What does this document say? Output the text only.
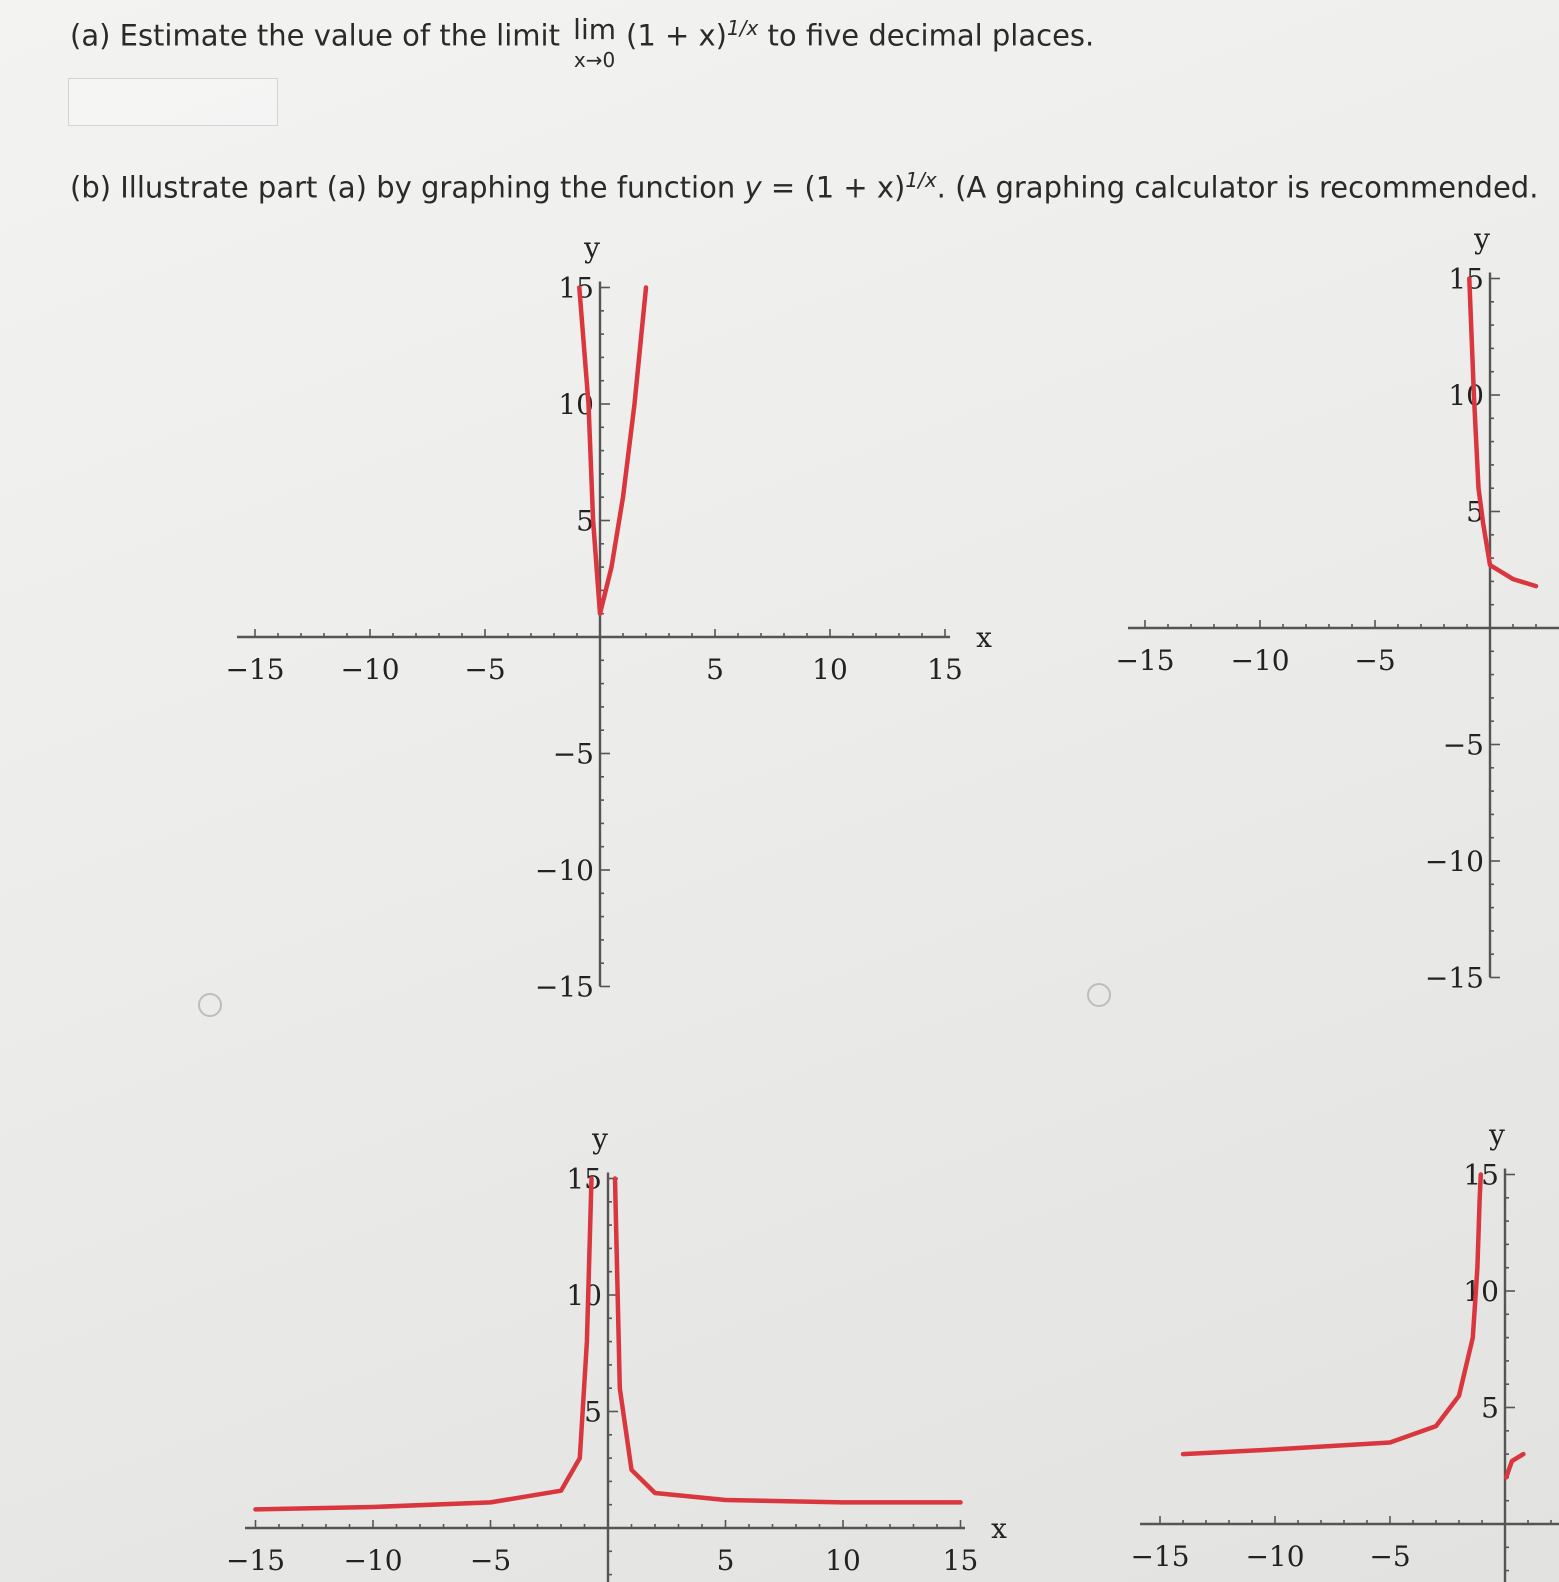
(a) Estimate the value of the limit lim
x→0
$(1 + x)^{1/x}$ to five decimal places.
(b) Illustrate part (a) by graphing the function $y = (1 + x)^{1/x}$. (A graphing calculator is recommended.
−15 −10 −5	5	10	15
15
10
5
−5
−10
−15
y
x
−15 −10 −5
15
10
5
−5
−10
−15
y
−15 −10 −5	5	10	15
15
10
5
y
x
−15 −10 −5
15
10
5
y
